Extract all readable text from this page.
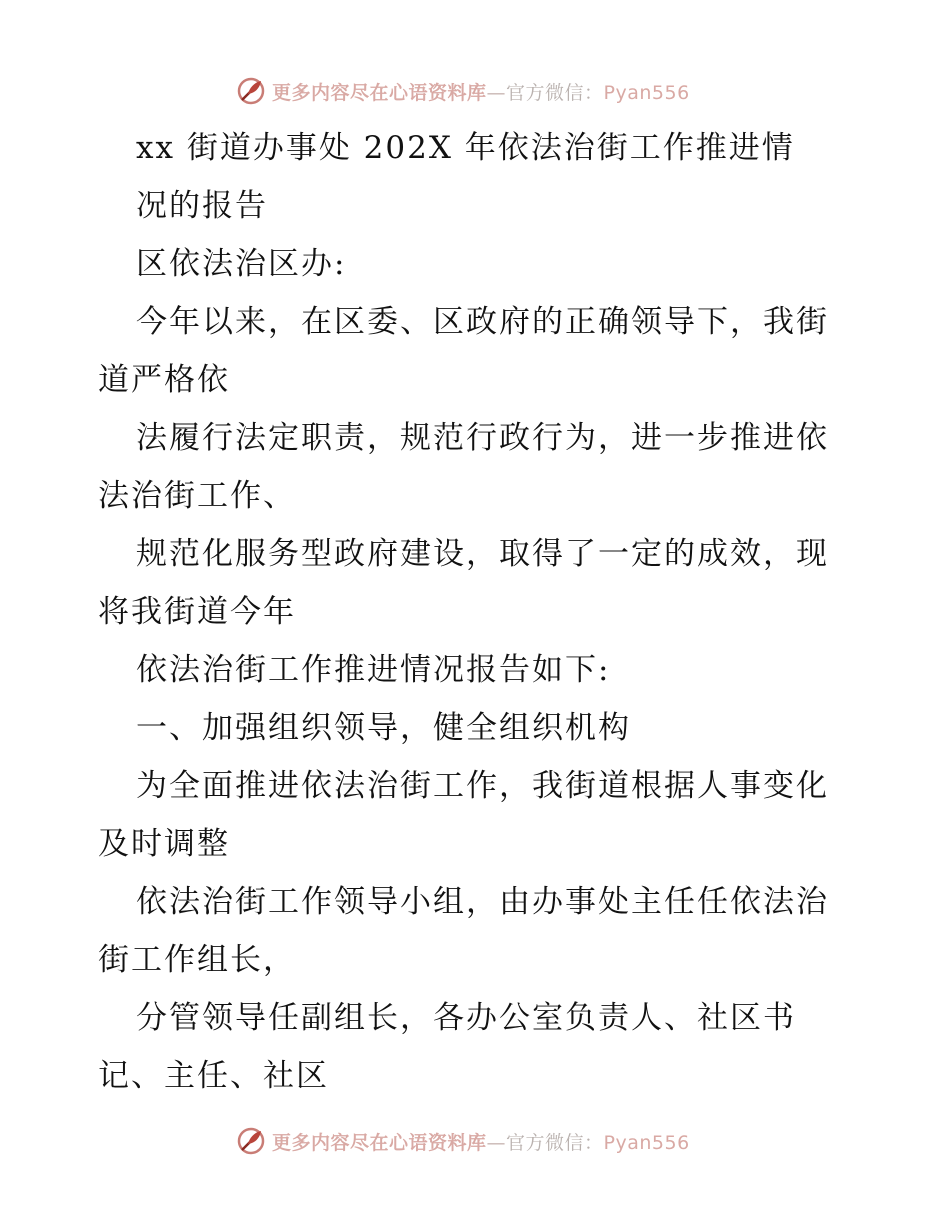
更多内容尽在心语资料库—官方微信：Pyan556
xx 街道办事处 202X 年依法治街工作推进情
况的报告
区依法治区办:
今年以来，在区委、区政府的正确领导下，我街
道严格依
法履行法定职责，规范行政行为，进一步推进依
法治街工作、
规范化服务型政府建设，取得了一定的成效，现
将我街道今年
依法治街工作推进情况报告如下:
一、加强组织领导，健全组织机构
为全面推进依法治街工作，我街道根据人事变化
及时调整
依法治街工作领导小组，由办事处主任任依法治
街工作组长，
分管领导任副组长，各办公室负责人、社区书
记、主任、社区
更多内容尽在心语资料库—官方微信：Pyan556
